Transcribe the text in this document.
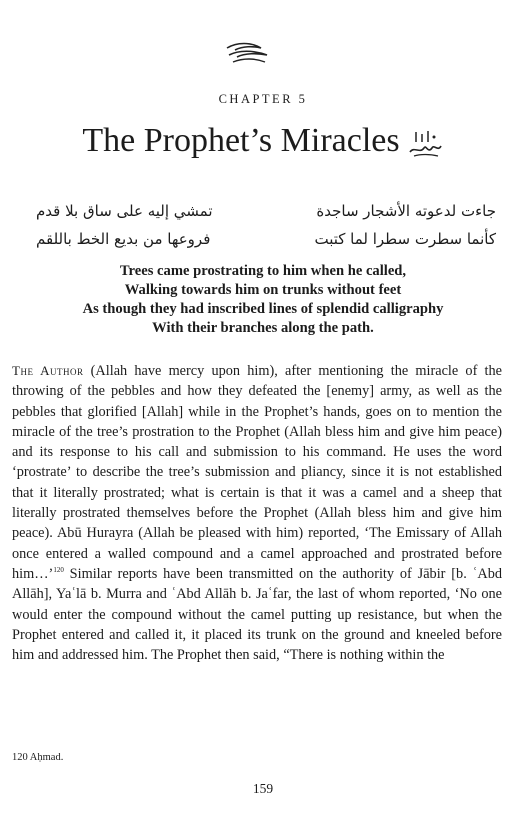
CHAPTER 5
The Prophet’s Miracles
جاءت لدعوته الأشجار ساجدة
تمشي إليه على ساق بلا قدم
كأنما سطرت سطرا لما كتبت
فروعها من بديع الخط باللقم
Trees came prostrating to him when he called,
Walking towards him on trunks without feet
As though they had inscribed lines of splendid calligraphy
With their branches along the path.
The Author (Allah have mercy upon him), after mentioning the miracle of the throwing of the pebbles and how they defeated the [enemy] army, as well as the pebbles that glorified [Allah] while in the Prophet’s hands, goes on to mention the miracle of the tree’s prostration to the Prophet (Allah bless him and give him peace) and its response to his call and submission to his command. He uses the word ‘prostrate’ to describe the tree’s submission and pliancy, since it is not established that it literally prostrated; what is certain is that it was a camel and a sheep that literally prostrated themselves before the Prophet (Allah bless him and give him peace). Abū Hurayra (Allah be pleased with him) reported, ‘The Emissary of Allah once entered a walled compound and a camel approached and prostrated before him…’$^{120}$ Similar reports have been transmitted on the authority of Jābir [b. ʿAbd Allāh], Yaʿlā b. Murra and ʿAbd Allāh b. Jaʿfar, the last of whom reported, ‘No one would enter the compound without the camel putting up resistance, but when the Prophet entered and called it, it placed its trunk on the ground and kneeled before him and addressed him. The Prophet then said, “There is nothing within the
120 Aḥmad.
159
